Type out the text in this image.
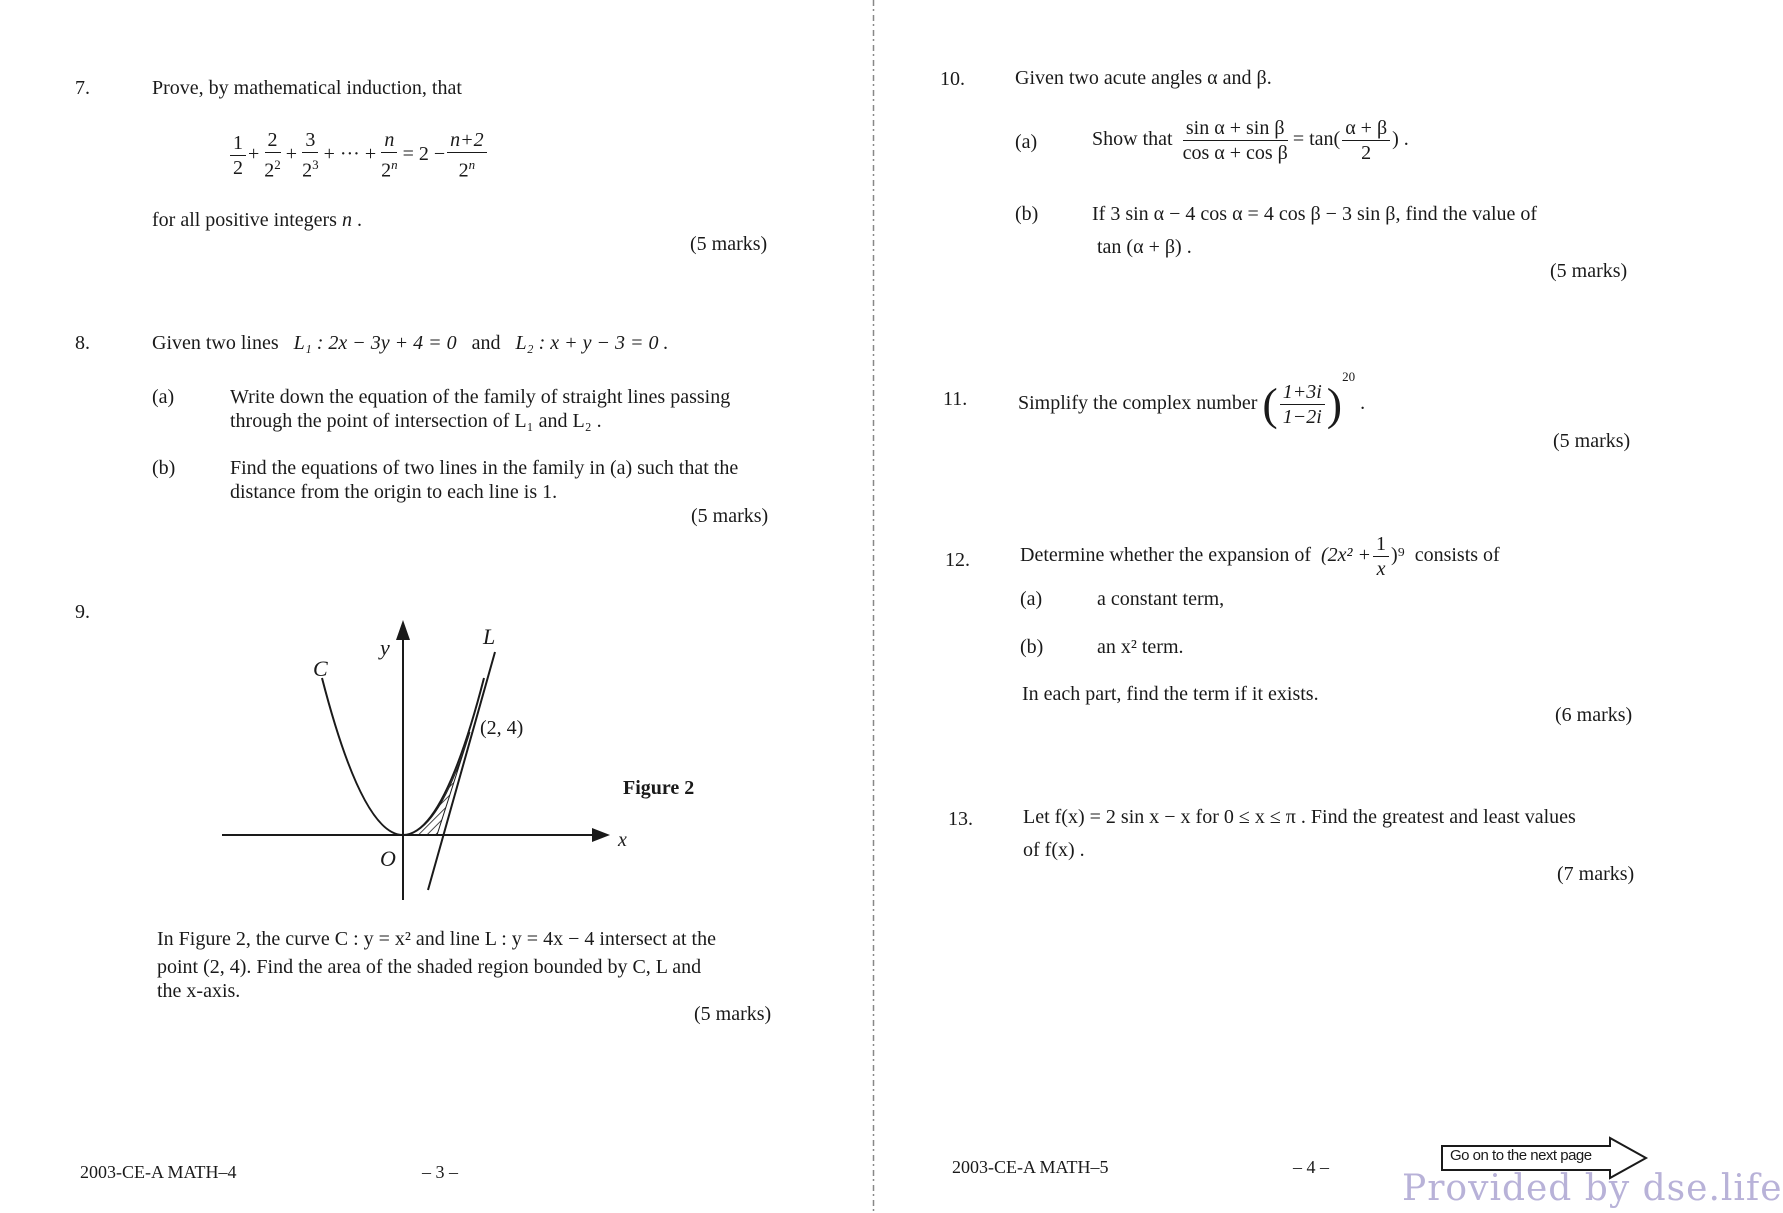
7.	Prove, by mathematical induction, that
$\frac{1}{2} + \frac{2}{2^2} + \frac{3}{2^3}$ + ··· + $\frac{n}{2^n} = 2 - \frac{n+2}{2^n}$
for all positive integers n .
(5 marks)
8.	Given two lines L₁ : 2x − 3y + 4 = 0 and L₂ : x + y − 3 = 0 .
(a)	Write down the equation of the family of straight lines passing
through the point of intersection of L₁ and L₂ .
(b)	Find the equations of two lines in the family in (a) such that the
distance from the origin to each line is 1.
(5 marks)
9.
y
x
O
C
L
(2, 4)
Figure 2
In Figure 2, the curve C : y = x² and line L : y = 4x − 4 intersect at the
point (2, 4). Find the area of the shaded region bounded by C, L and
the x-axis.
(5 marks)
2003-CE-A MATH–4	– 3 –
10.	Given two acute angles α and β.
(a)	Show that $\frac{\text{sin α + sin β}}{\text{cos α + cos β}} = \tan( \frac{\alpha + \beta}{2}$ ) .
(b)	If 3 sin α − 4 cos α = 4 cos β − 3 sin β, find the value of
tan (α + β) .
(5 marks)
11.	Simplify the complex number ( $\frac{1+3i}{1-2i} )^{20}$ .
(5 marks)
12.	Determine whether the expansion of $(2x^2 + \frac{1}{x} )^9$ consists of
(a)	a constant term,
(b)	an x² term.
In each part, find the term if it exists.
(6 marks)
13.	Let f(x) = 2 sin x − x for 0 ≤ x ≤ π . Find the greatest and least values
of f(x) .
(7 marks)
2003-CE-A MATH–5	– 4 –
Go on to the next page
Provided by dse.life
